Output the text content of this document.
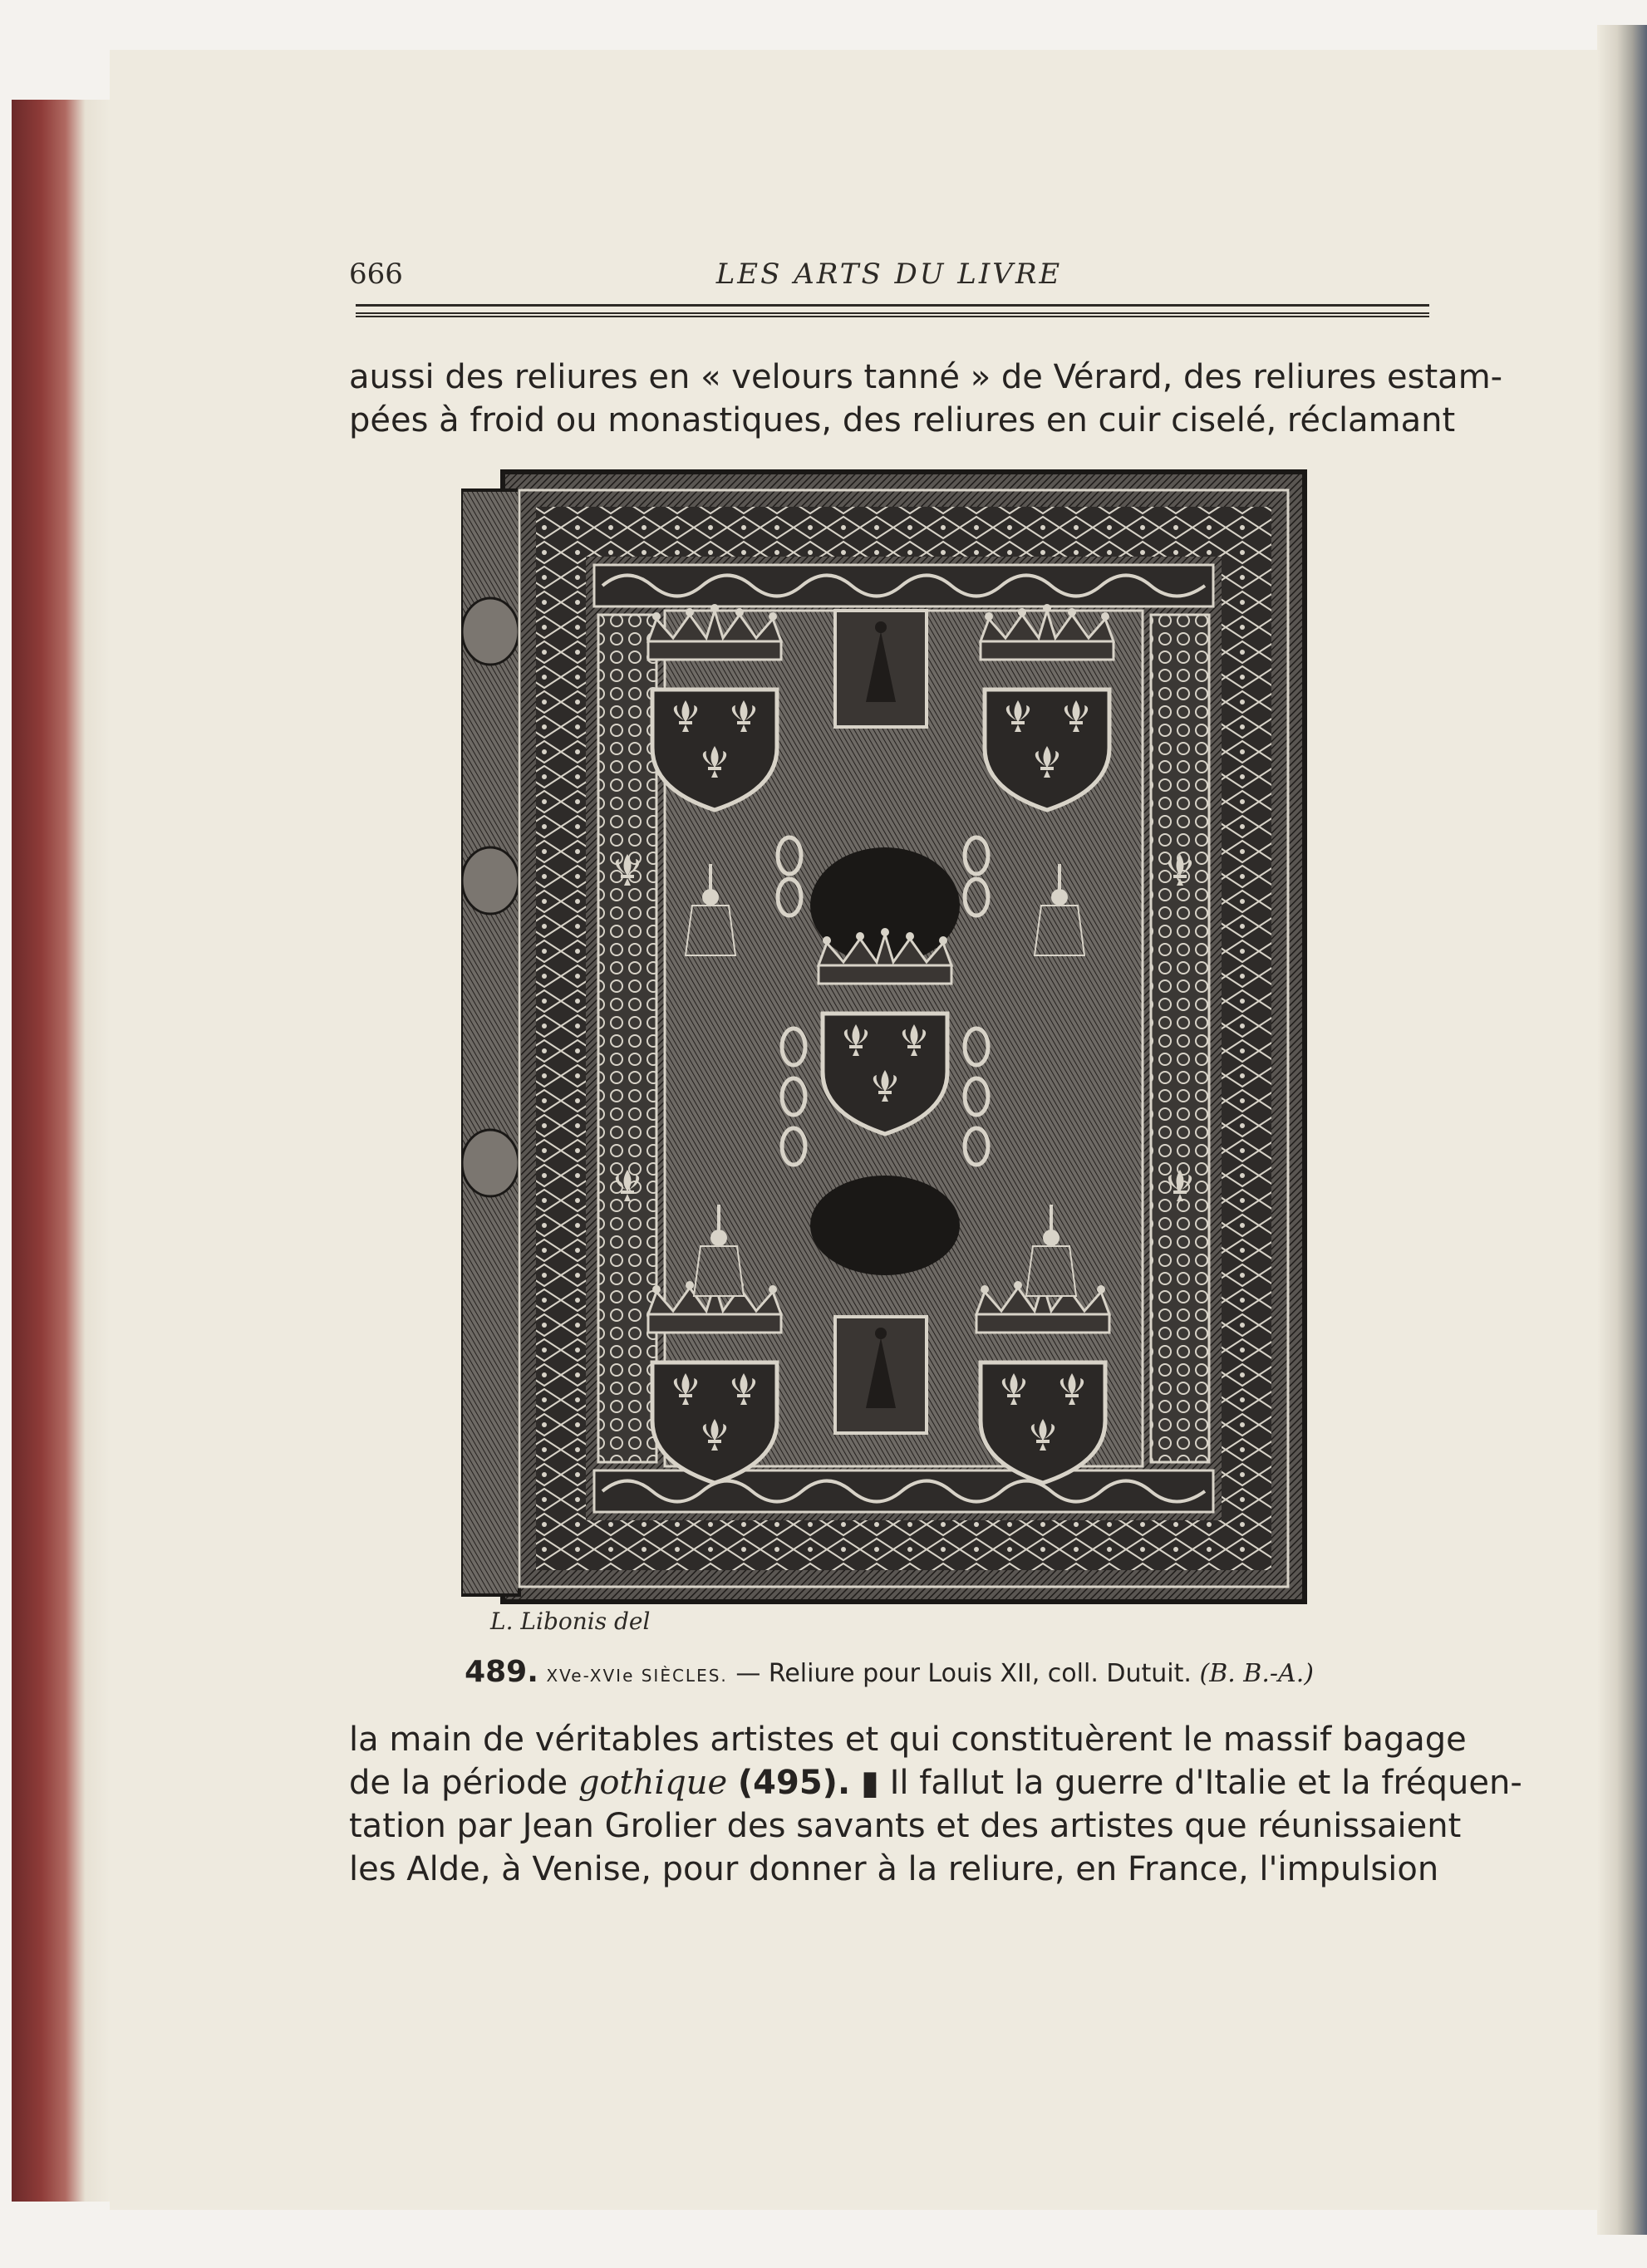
666	LES ARTS DU LIVRE
aussi des reliures en « velours tanné » de Vérard, des reliures estam-
pées à froid ou monastiques, des reliures en cuir ciselé, réclamant
L. Libonis del
489. XVe-XVIe SIÈCLES. — Reliure pour Louis XII, coll. Dutuit. (B. B.-A.)
la main de véritables artistes et qui constituèrent le massif bagage
de la période gothique (495). ▮ Il fallut la guerre d'Italie et la fréquen-
tation par Jean Grolier des savants et des artistes que réunissaient
les Alde, à Venise, pour donner à la reliure, en France, l'impulsion
